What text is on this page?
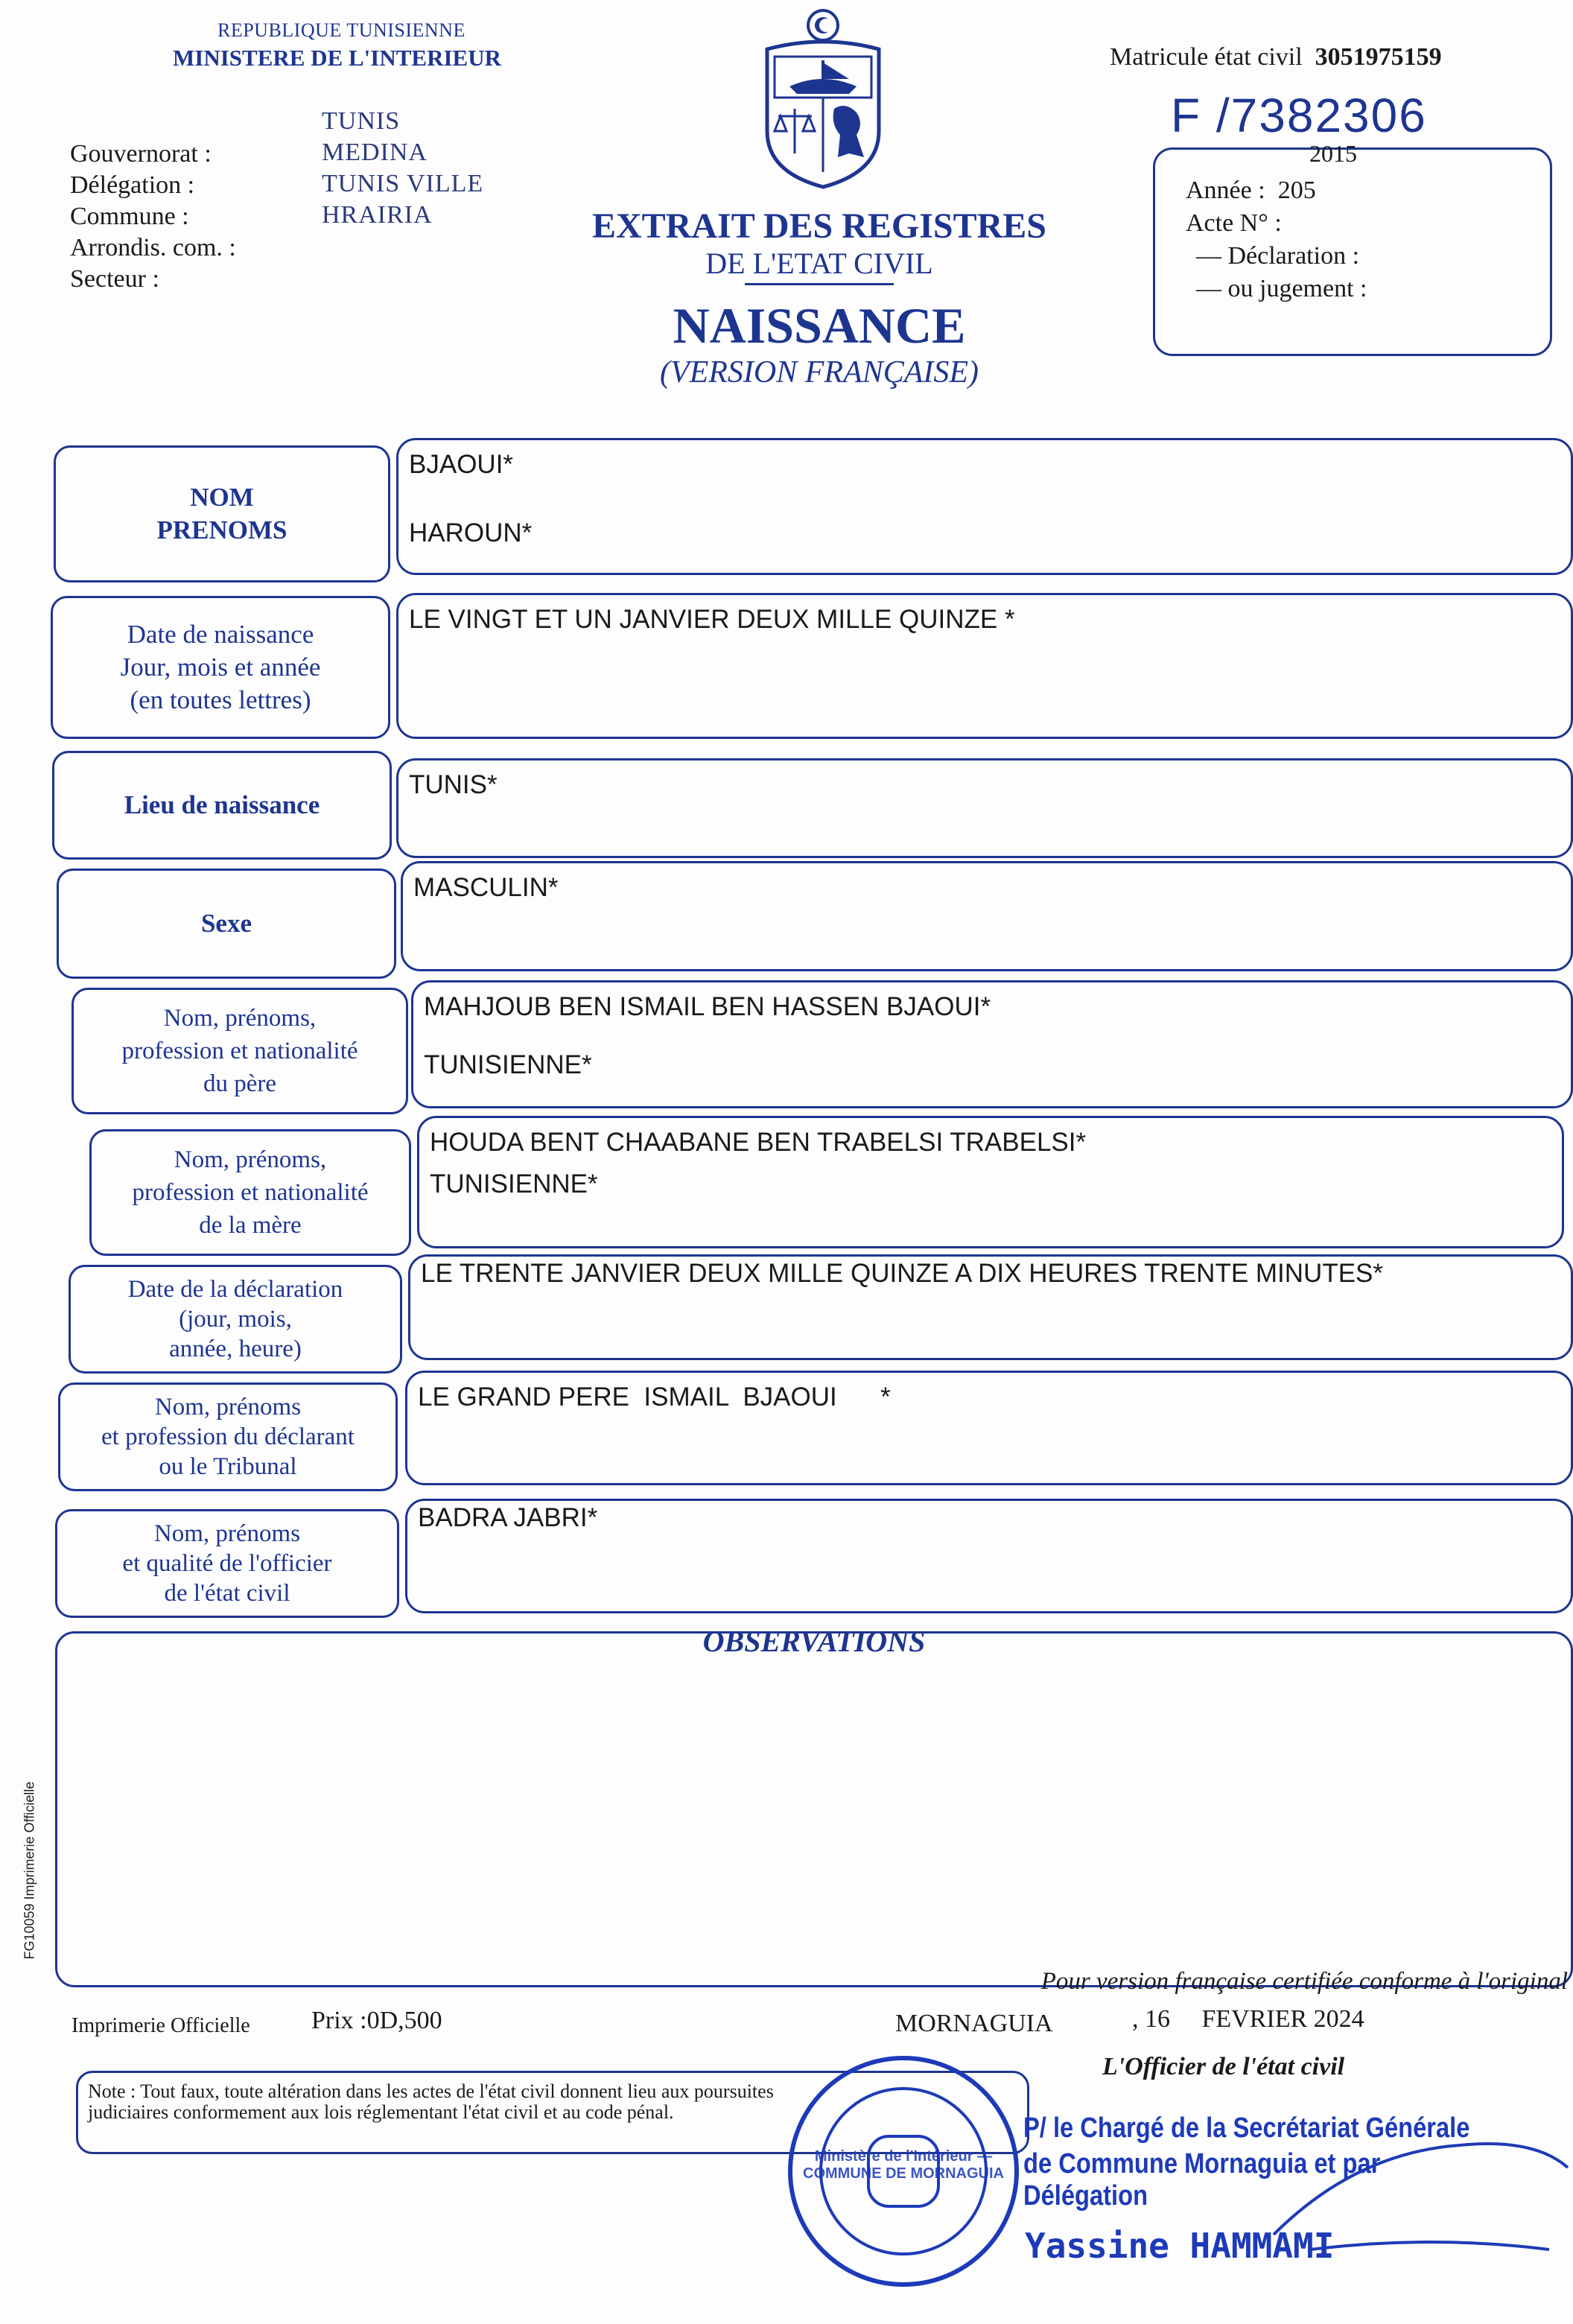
REPUBLIQUE TUNISIENNE
MINISTERE DE L'INTERIEUR
Gouvernorat :
Délégation :
Commune :
Arrondis. com. :
Secteur :
TUNIS
MEDINA
TUNIS VILLE
HRAIRIA
Matricule état civil 3051975159
F /7382306
2015
Année : 205
Acte N° :
— Déclaration :
— ou jugement :
EXTRAIT DES REGISTRES
DE L'ETAT CIVIL
NAISSANCE
(VERSION FRANÇAISE)
NOM
PRENOMS
BJAOUI*
HAROUN*
Date de naissance
Jour, mois et année
(en toutes lettres)
LE VINGT ET UN JANVIER DEUX MILLE QUINZE *
Lieu de naissance
TUNIS*
Sexe
MASCULIN*
Nom, prénoms,
profession et nationalité
du père
MAHJOUB BEN ISMAIL BEN HASSEN BJAOUI*
TUNISIENNE*
Nom, prénoms,
profession et nationalité
de la mère
HOUDA BENT CHAABANE BEN TRABELSI TRABELSI*
TUNISIENNE*
Date de la déclaration
(jour, mois,
année, heure)
LE TRENTE JANVIER DEUX MILLE QUINZE A DIX HEURES TRENTE MINUTES*
Nom, prénoms
et profession du déclarant
ou le Tribunal
LE GRAND PERE  ISMAIL  BJAOUI      *
Nom, prénoms
et qualité de l'officier
de l'état civil
BADRA JABRI*
OBSERVATIONS
FG10059 Imprimerie Officielle
Pour version française certifiée conforme à l'original
Imprimerie Officielle Prix :0D,500	MORNAGUIA	, 16     FEVRIER 2024
L'Officier de l'état civil
Note : Tout faux, toute altération dans les actes de l'état civil donnent lieu aux poursuites judiciaires conformement aux lois réglementant l'état civil et au code pénal.
Ministère de l'Intérieur — COMMUNE DE MORNAGUIA
P/ le Chargé de la Secrétariat Générale
de Commune Mornaguia et par Délégation
Yassine HAMMAMI
